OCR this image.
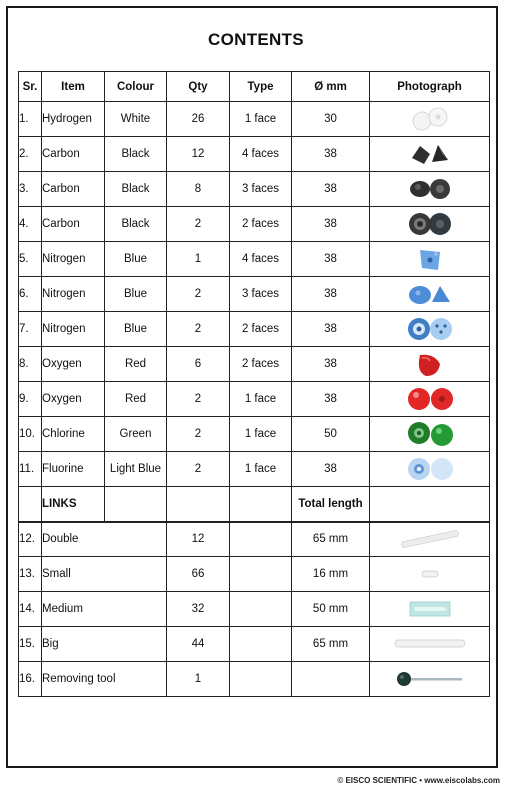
CONTENTS
Sr.	Item	Colour	Qty	Type	Ø mm	Photograph
1.	Hydrogen	White	26	1 face	30	

2.	Carbon	Black	12	4 faces	38	

3.	Carbon	Black	8	3 faces	38	

4.	Carbon	Black	2	2 faces	38	

5.	Nitrogen	Blue	1	4 faces	38	

6.	Nitrogen	Blue	2	3 faces	38	

7.	Nitrogen	Blue	2	2 faces	38	

8.	Oxygen	Red	6	2 faces	38	

9.	Oxygen	Red	2	1 face	38	

10.	Chlorine	Green	2	1 face	50	

11.	Fluorine	Light Blue	2	1 face	38	

	LINKS				Total length	
12.	Double		12		65 mm	

13.	Small		66		16 mm	

14.	Medium		32		50 mm	

15.	Big		44		65 mm	

16.	Removing tool		1			
© EISCO SCIENTIFIC • www.eiscolabs.com
